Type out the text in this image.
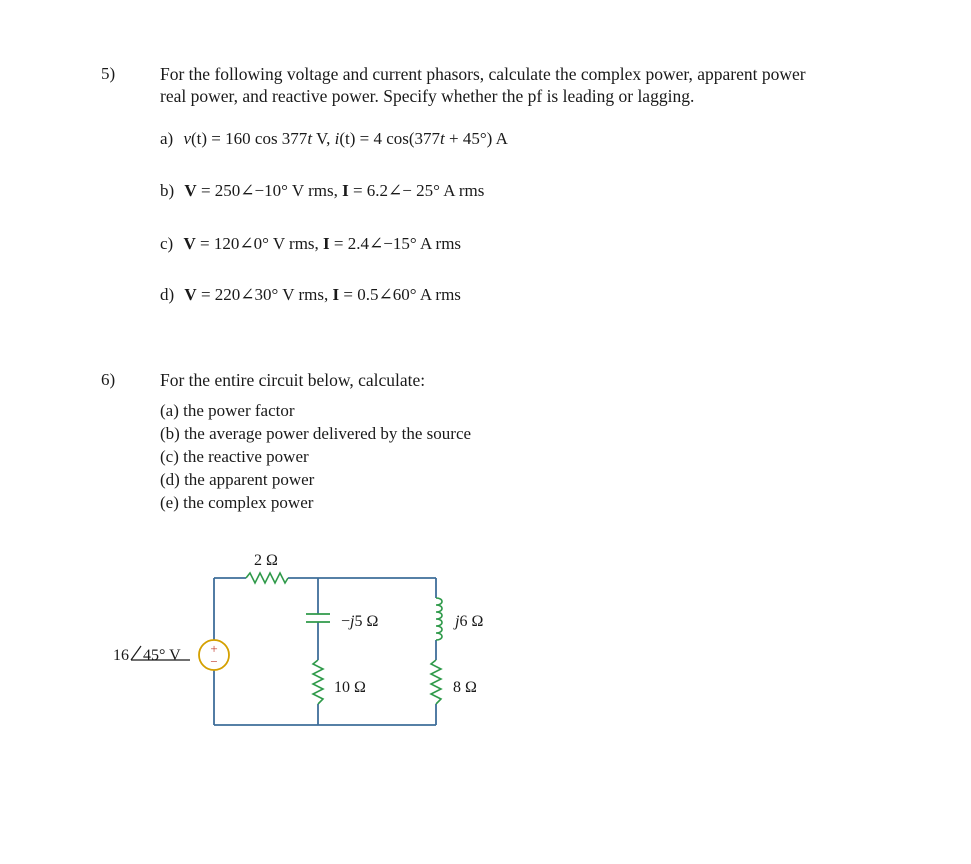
5)	For the following voltage and current phasors, calculate the complex power, apparent power
real power, and reactive power. Specify whether the pf is leading or lagging.
a) v(t) = 160 cos 377t V, i(t) = 4 cos(377t + 45°) A
b) V = 250∠−10° V rms, I = 6.2∠− 25° A rms
c) V = 120∠0° V rms, I = 2.4∠−15° A rms
d) V = 220∠30° V rms, I = 0.5∠60° A rms
6)	For the entire circuit below, calculate:
(a) the power factor
(b) the average power delivered by the source
(c) the reactive power
(d) the apparent power
(e) the complex power
+
−
2 Ω
−j5 Ω
10 Ω
j6 Ω
8 Ω
16 45° V
